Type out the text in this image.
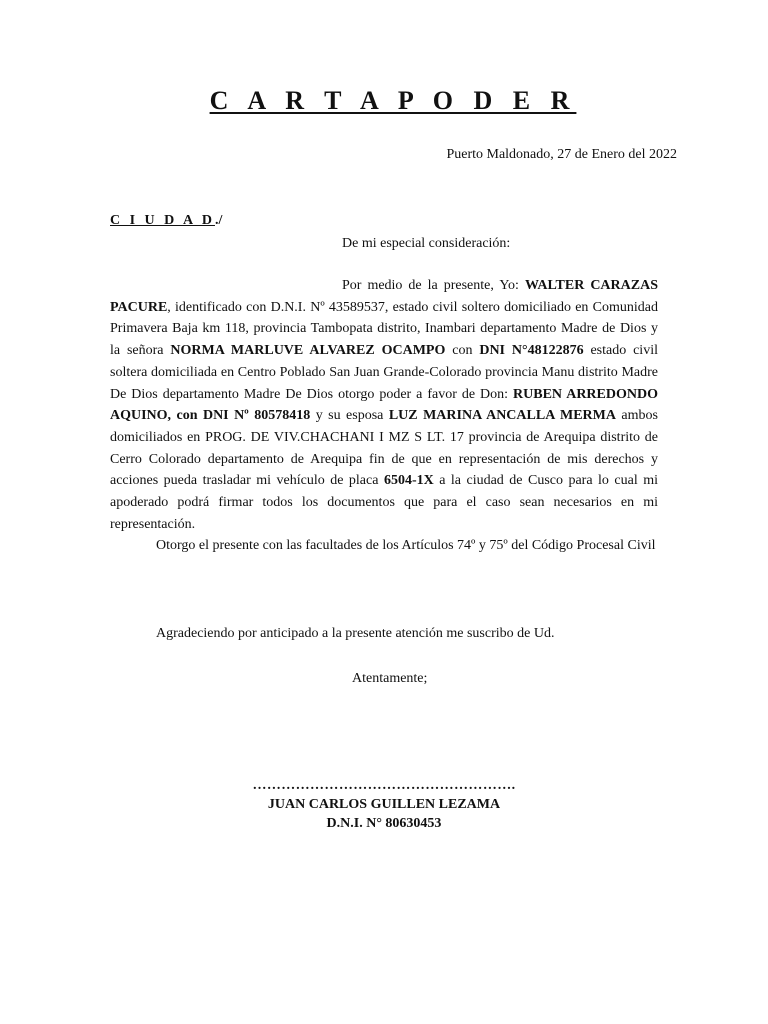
C A R T A P O D E R
Puerto Maldonado, 27 de Enero del 2022
C I U D A D./
De mi especial consideración:

Por medio de la presente, Yo: WALTER CARAZAS PACURE, identificado con D.N.I. Nº 43589537, estado civil soltero domiciliado en Comunidad Primavera Baja km 118, provincia Tambopata distrito, Inambari departamento Madre de Dios y la señora NORMA MARLUVE ALVAREZ OCAMPO con DNI N°48122876 estado civil soltera domiciliada en Centro Poblado San Juan Grande-Colorado provincia Manu distrito Madre De Dios departamento Madre De Dios otorgo poder a favor de Don: RUBEN ARREDONDO AQUINO, con DNI Nº 80578418 y su esposa LUZ MARINA ANCALLA MERMA ambos domiciliados en PROG. DE VIV.CHACHANI I MZ S LT. 17 provincia de Arequipa distrito de Cerro Colorado departamento de Arequipa fin de que en representación de mis derechos y acciones pueda trasladar mi vehículo de placa 6504-1X a la ciudad de Cusco para lo cual mi apoderado podrá firmar todos los documentos que para el caso sean necesarios en mi representación.

Otorgo el presente con las facultades de los Artículos 74º y 75º del Código Procesal Civil

Agradeciendo por anticipado a la presente atención me suscribo de Ud.
Atentamente;
……………………………………………….
JUAN CARLOS GUILLEN LEZAMA
D.N.I. N° 80630453
